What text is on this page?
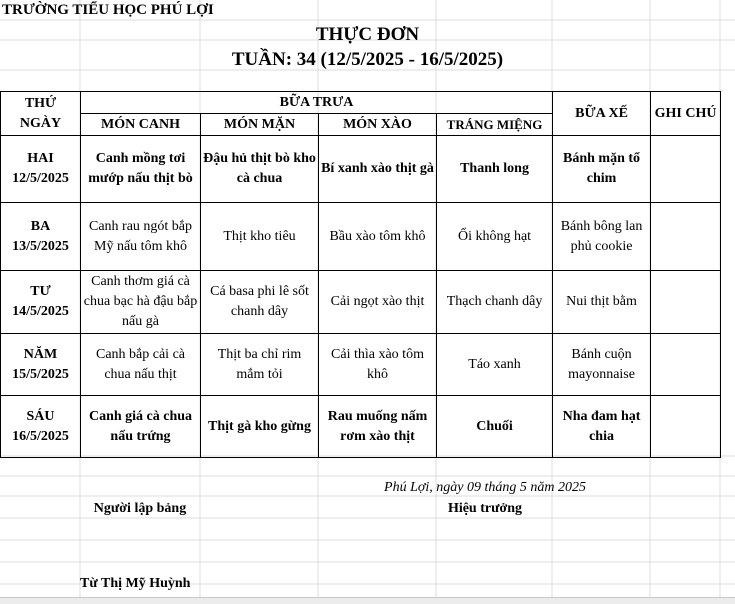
TRƯỜNG TIỂU HỌC PHÚ LỢI
THỰC ĐƠN
TUẦN: 34 (12/5/2025 - 16/5/2025)
THỨ
NGÀY	BỮA TRƯA				BỮA XẾ	GHI CHÚ
	MÓN CANH	MÓN MẶN	MÓN XÀO	TRÁNG MIỆNG		

HAI
12/5/2025	Canh mồng tơi mướp nấu thịt bò	Đậu hủ thịt bò kho cà chua	Bí xanh xào thịt gà	Thanh long	Bánh mặn tổ chim	

BA
13/5/2025	Canh rau ngót bắp Mỹ nấu tôm khô	Thịt kho tiêu	Bầu xào tôm khô	Ổi không hạt	Bánh bông lan phủ cookie	

TƯ
14/5/2025	Canh thơm giá cà chua bạc hà đậu bắp nấu gà	Cá basa phi lê sốt chanh dây	Cải ngọt xào thịt	Thạch chanh dây	Nui thịt bằm	

NĂM
15/5/2025	Canh bắp cải cà chua nấu thịt	Thịt ba chỉ rim mắm tỏi	Cải thìa xào tôm khô	Táo xanh	Bánh cuộn mayonnaise	

SÁU
16/5/2025	Canh giá cà chua nấu trứng	Thịt gà kho gừng	Rau muống nấm rơm xào thịt	Chuối	Nha đam hạt chia	
Phú Lợi, ngày 09 tháng 5 năm 2025
Người lập bảng	Hiệu trưởng
Từ Thị Mỹ Huỳnh
